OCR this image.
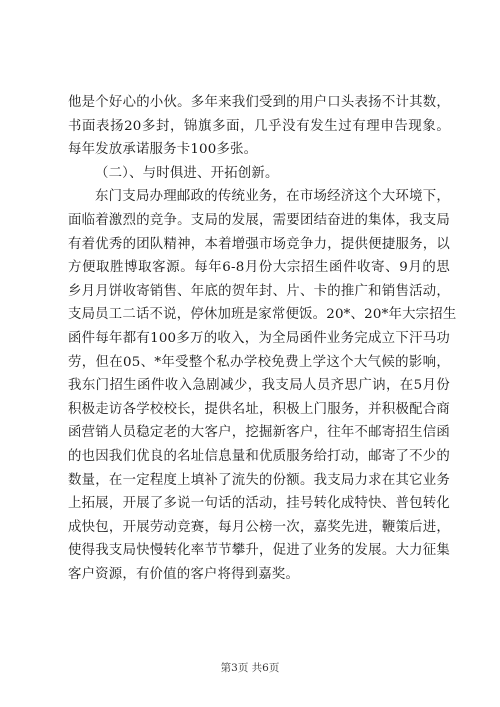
他是个好心的小伙。多年来我们受到的用户口头表扬不计其数，
书面表扬20多封，锦旗多面，几乎没有发生过有理申告现象。
每年发放承诺服务卡100多张。
（二）、与时俱进、开拓创新。
东门支局办理邮政的传统业务，在市场经济这个大环境下，
面临着激烈的竞争。支局的发展，需要团结奋进的集体，我支局
有着优秀的团队精神，本着增强市场竞争力，提供便捷服务，以
方便取胜博取客源。每年6-8月份大宗招生函件收寄、9月的思
乡月月饼收寄销售、年底的贺年封、片、卡的推广和销售活动，
支局员工二话不说，停休加班是家常便饭。20*、20*年大宗招生
函件每年都有100多万的收入，为全局函件业务完成立下汗马功
劳，但在05、*年受整个私办学校免费上学这个大气候的影响，
我东门招生函件收入急剧减少，我支局人员齐思广讷，在5月份
积极走访各学校校长，提供名址，积极上门服务，并积极配合商
函营销人员稳定老的大客户，挖掘新客户，往年不邮寄招生信函
的也因我们优良的名址信息量和优质服务给打动，邮寄了不少的
数量，在一定程度上填补了流失的份额。我支局力求在其它业务
上拓展，开展了多说一句话的活动，挂号转化成特快、普包转化
成快包，开展劳动竞赛，每月公榜一次，嘉奖先进，鞭策后进，
使得我支局快慢转化率节节攀升，促进了业务的发展。大力征集
客户资源，有价值的客户将得到嘉奖。
第3页 共6页
